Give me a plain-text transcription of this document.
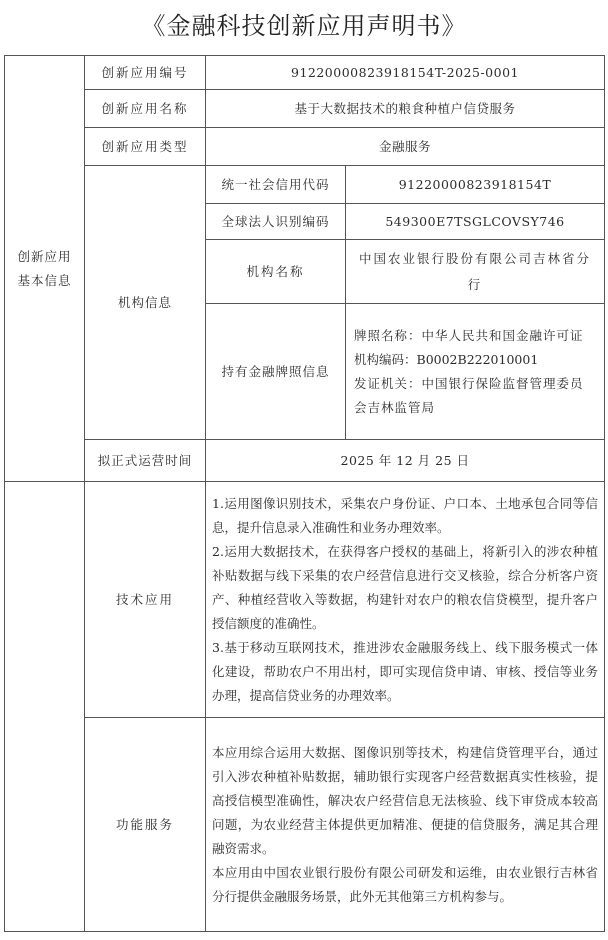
《金融科技创新应用声明书》
创新应用
基本信息	创新应用编号	91220000823918154T-2025-0001	
	创新应用名称	基于大数据技术的粮食种植户信贷服务	
	创新应用类型	金融服务	
	机构信息	统一社会信用代码	91220000823918154T
		全球法人识别编码	549300E7TSGLCOVSY746
		机构名称	中国农业银行股份有限公司吉林省分行
		持有金融牌照信息	牌照名称：中华人民共和国金融许可证
机构编码：B0002B222010001
发证机关：中国银行保险监督管理委员会吉林监管局

	拟正式运营时间	2025 年 12 月 25 日	
	技术应用	1.运用图像识别技术，采集农户身份证、户口本、土地承包合同等信息，提升信息录入准确性和业务办理效率。
2.运用大数据技术，在获得客户授权的基础上，将新引入的涉农种植补贴数据与线下采集的农户经营信息进行交叉核验，综合分析客户资产、种植经营收入等数据，构建针对农户的粮农信贷模型，提升客户授信额度的准确性。
3.基于移动互联网技术，推进涉农金融服务线上、线下服务模式一体化建设，帮助农户不用出村，即可实现信贷申请、审核、授信等业务办理，提高信贷业务的办理效率。	

	功能服务	本应用综合运用大数据、图像识别等技术，构建信贷管理平台，通过引入涉农种植补贴数据，辅助银行实现客户经营数据真实性核验，提高授信模型准确性，解决农户经营信息无法核验、线下审贷成本较高问题，为农业经营主体提供更加精准、便捷的信贷服务，满足其合理融资需求。
本应用由中国农业银行股份有限公司研发和运维，由农业银行吉林省分行提供金融服务场景，此外无其他第三方机构参与。	
